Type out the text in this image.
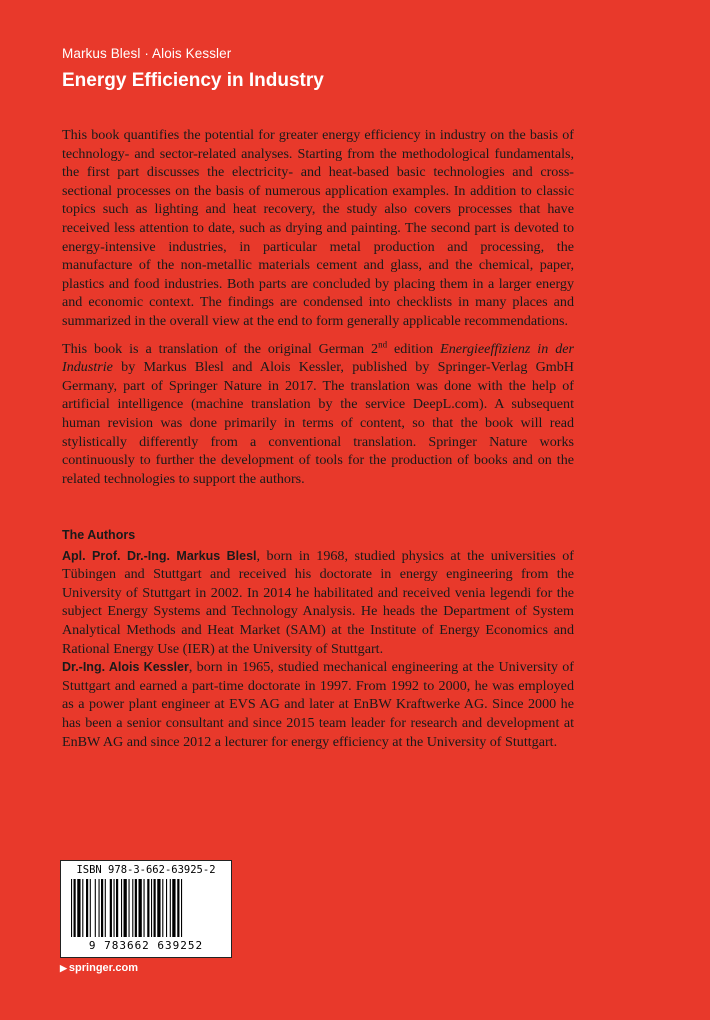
Markus Blesl · Alois Kessler
Energy Efficiency in Industry

This book quantifies the potential for greater energy efficiency in industry on the basis of technology- and sector-related analyses. Starting from the methodological fundamentals, the first part discusses the electricity- and heat-based basic technologies and cross-sectional processes on the basis of numerous application examples. In addition to classic topics such as lighting and heat recovery, the study also covers processes that have received less attention to date, such as drying and painting. The second part is devoted to energy-intensive industries, in particular metal production and processing, the manufacture of the non-metallic materials cement and glass, and the chemical, paper, plastics and food industries. Both parts are concluded by placing them in a larger energy and economic context. The findings are condensed into checklists in many places and summarized in the overall view at the end to form generally applicable recommendations.

This book is a translation of the original German 2nd edition Energieeffizienz in der Industrie by Markus Blesl and Alois Kessler, published by Springer-Verlag GmbH Germany, part of Springer Nature in 2017. The translation was done with the help of artificial intelligence (machine translation by the service DeepL.com). A subsequent human revision was done primarily in terms of content, so that the book will read stylistically differently from a conventional translation. Springer Nature works continuously to further the development of tools for the production of books and on the related technologies to support the authors.

The Authors

Apl. Prof. Dr.-Ing. Markus Blesl, born in 1968, studied physics at the universities of Tübingen and Stuttgart and received his doctorate in energy engineering from the University of Stuttgart in 2002. In 2014 he habilitated and received venia legendi for the subject Energy Systems and Technology Analysis. He heads the Department of System Analytical Methods and Heat Market (SAM) at the Institute of Energy Economics and Rational Energy Use (IER) at the University of Stuttgart.

Dr.-Ing. Alois Kessler, born in 1965, studied mechanical engineering at the University of Stuttgart and earned a part-time doctorate in 1997. From 1992 to 2000, he was employed as a power plant engineer at EVS AG and later at EnBW Kraftwerke AG. Since 2000 he has been a senior consultant and since 2015 team leader for research and development at EnBW AG and since 2012 a lecturer for energy efficiency at the University of Stuttgart.

ISBN 978-3-662-63925-2
9 783662 639252
▶ springer.com
